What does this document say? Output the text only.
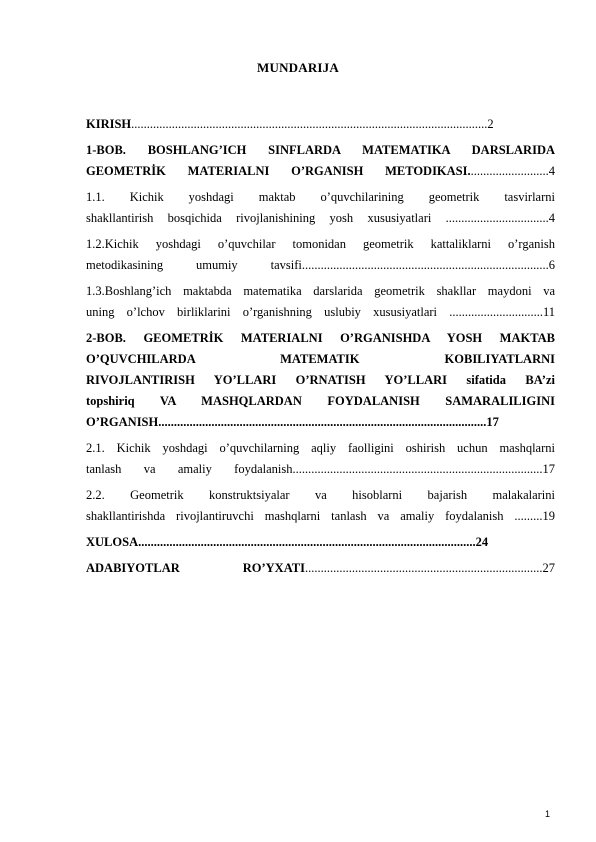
MUNDARIJA
KIRISH..................................................................................................................2
1-BOB. BOSHLANG’ICH SINFLARDA MATEMATIKA DARSLARIDA
GEOMETRİK MATERIALNI O’RGANISH METODIKASI..........................4
1.1. Kichik yoshdagi maktab o’quvchilarining geometrik tasvirlarni
shakllantirish bosqichida rivojlanishining yosh xususiyatlari .................................4
1.2.Kichik yoshdagi o’quvchilar tomonidan geometrik kattaliklarni o’rganish
metodikasining umumiy tavsifi...............................................................................6
1.3.Boshlang’ich maktabda matematika darslarida geometrik shakllar maydoni va
uning o’lchov birliklarini o’rganishning uslubiy xususiyatlari ..............................11
2-BOB. GEOMETRİK MATERIALNI O’RGANISHDA YOSH MAKTAB
O’QUVCHILARDA MATEMATIK KOBILIYATLARNI
RIVOJLANTIRISH YO’LLARI O’RNATISH YO’LLARI sifatida BA’zi
topshiriq VA MASHQLARDAN FOYDALANISH SAMARALILIGINI
O’RGANISH.........................................................................................................17
2.1. Kichik yoshdagi o’quvchilarning aqliy faolligini oshirish uchun mashqlarni
tanlash va amaliy foydalanish................................................................................17
2.2. Geometrik konstruktsiyalar va hisoblarni bajarish malakalarini
shakllantirishda rivojlantiruvchi mashqlarni tanlash va amaliy foydalanish .........19
XULOSA............................................................................................................24
ADABIYOTLAR RO’YXATI............................................................................27
1
